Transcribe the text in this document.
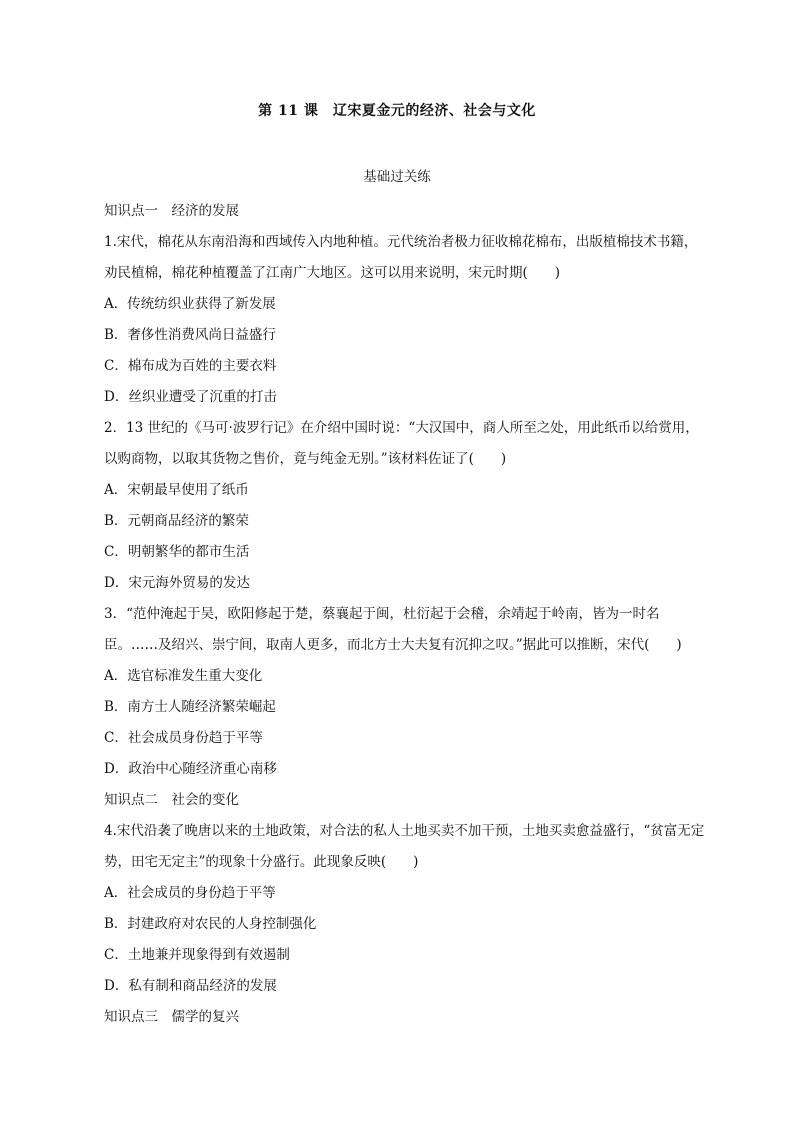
第 11 课　辽宋夏金元的经济、社会与文化
基础过关练

知识点一　经济的发展

1.宋代，棉花从东南沿海和西域传入内地种植。元代统治者极力征收棉花棉布，出版植棉技术书籍，

劝民植棉，棉花种植覆盖了江南广大地区。这可以用来说明，宋元时期(　　)

A．传统纺织业获得了新发展

B．奢侈性消费风尚日益盛行

C．棉布成为百姓的主要衣料

D．丝织业遭受了沉重的打击

2．13 世纪的《马可·波罗行记》在介绍中国时说：“大汉国中，商人所至之处，用此纸币以给赏用，

以购商物，以取其货物之售价，竟与纯金无别。”该材料佐证了(　　)

A．宋朝最早使用了纸币

B．元朝商品经济的繁荣

C．明朝繁华的都市生活

D．宋元海外贸易的发达

3．“范仲淹起于吴，欧阳修起于楚，蔡襄起于闽，杜衍起于会稽，余靖起于岭南，皆为一时名

臣。……及绍兴、崇宁间，取南人更多，而北方士大夫复有沉抑之叹。”据此可以推断，宋代(　　)

A．选官标准发生重大变化

B．南方士人随经济繁荣崛起

C．社会成员身份趋于平等

D．政治中心随经济重心南移

知识点二　社会的变化

4.宋代沿袭了晚唐以来的土地政策，对合法的私人土地买卖不加干预，土地买卖愈益盛行，“贫富无定

势，田宅无定主”的现象十分盛行。此现象反映(　　)

A．社会成员的身份趋于平等

B．封建政府对农民的人身控制强化

C．土地兼并现象得到有效遏制

D．私有制和商品经济的发展

知识点三　儒学的复兴
